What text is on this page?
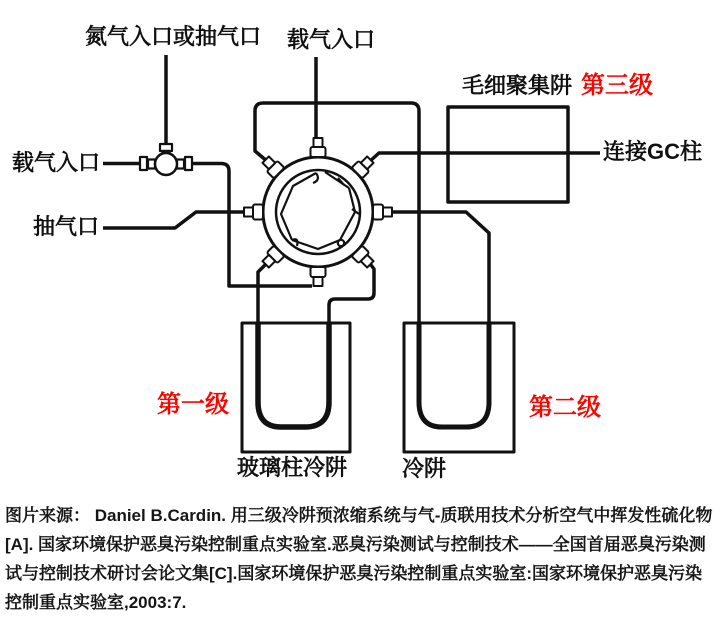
氮气入口或抽气口 载气入口
毛细聚集阱 第三级
连接GC柱
载气入口
抽气口
第一级	第二级
玻璃柱冷阱 冷阱
图片来源： Daniel B.Cardin. 用三级冷阱预浓缩系统与气-质联用技术分析空气中挥发性硫化物
[A]. 国家环境保护恶臭污染控制重点实验室.恶臭污染测试与控制技术——全国首届恶臭污染测
试与控制技术研讨会论文集[C].国家环境保护恶臭污染控制重点实验室:国家环境保护恶臭污染
控制重点实验室,2003:7.
